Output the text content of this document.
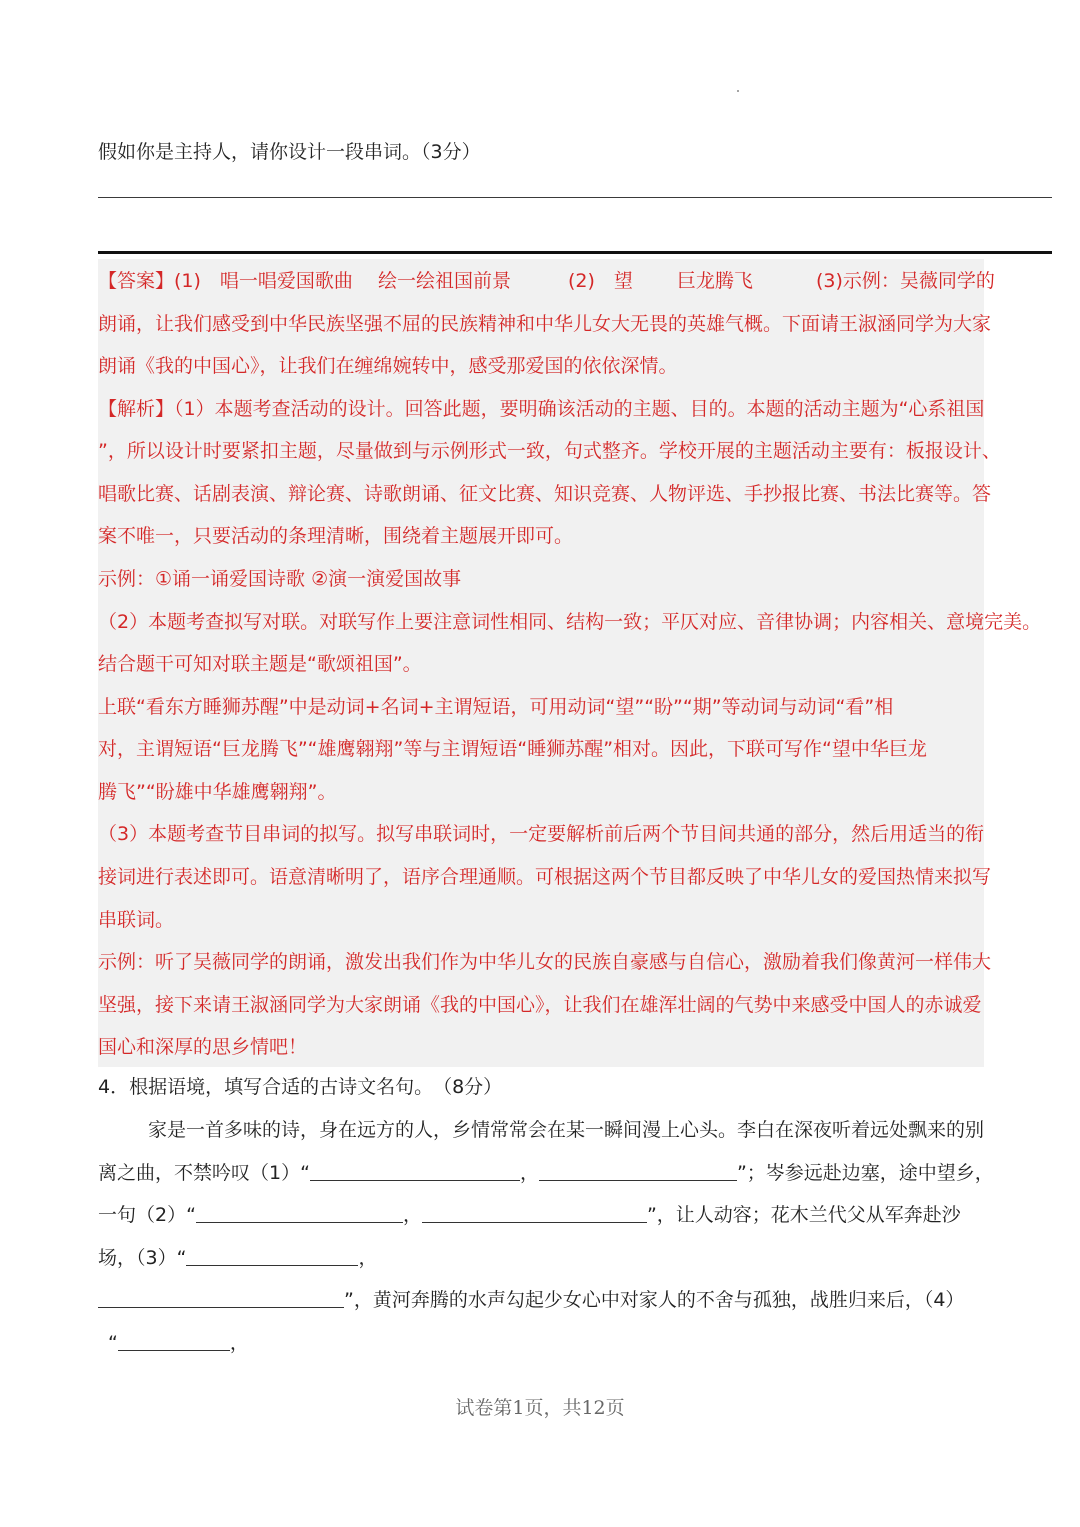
假如你是主持人，请你设计一段串词。（3分）
【答案】(1)　唱一唱爱国歌曲　 绘一绘祖国前景　　　(2)　望　　 巨龙腾飞　　　 (3)示例：吴薇同学的
朗诵，让我们感受到中华民族坚强不屈的民族精神和中华儿女大无畏的英雄气概。下面请王淑涵同学为大家
朗诵《我的中国心》，让我们在缠绵婉转中，感受那爱国的依依深情。
【解析】（1）本题考查活动的设计。回答此题，要明确该活动的主题、目的。本题的活动主题为“心系祖国
”，所以设计时要紧扣主题，尽量做到与示例形式一致，句式整齐。学校开展的主题活动主要有：板报设计、
唱歌比赛、话剧表演、辩论赛、诗歌朗诵、征文比赛、知识竞赛、人物评选、手抄报比赛、书法比赛等。答
案不唯一，只要活动的条理清晰，围绕着主题展开即可。
示例：①诵一诵爱国诗歌 ②演一演爱国故事
（2）本题考查拟写对联。对联写作上要注意词性相同、结构一致；平仄对应、音律协调；内容相关、意境完美。
结合题干可知对联主题是“歌颂祖国”。
上联“看东方睡狮苏醒”中是动词+名词+主谓短语，可用动词“望”“盼”“期”等动词与动词“看”相
对，主谓短语“巨龙腾飞”“雄鹰翱翔”等与主谓短语“睡狮苏醒”相对。因此，下联可写作“望中华巨龙
腾飞”“盼雄中华雄鹰翱翔”。
（3）本题考查节目串词的拟写。拟写串联词时，一定要解析前后两个节目间共通的部分，然后用适当的衔
接词进行表述即可。语意清晰明了，语序合理通顺。可根据这两个节目都反映了中华儿女的爱国热情来拟写
串联词。
示例：听了吴薇同学的朗诵，激发出我们作为中华儿女的民族自豪感与自信心，激励着我们像黄河一样伟大
坚强，接下来请王淑涵同学为大家朗诵《我的中国心》，让我们在雄浑壮阔的气势中来感受中国人的赤诚爱
国心和深厚的思乡情吧！
4．根据语境，填写合适的古诗文名句。　（8分）
家是一首多味的诗，身在远方的人，乡情常常会在某一瞬间漫上心头。李白在深夜听着远处飘来的别
离之曲，不禁吟叹（1）“	，	”；岑参远赴边塞，途中望乡，
一句（2）“	，	”，让人动容；花木兰代父从军奔赴沙
场，（3）“	，
”，黄河奔腾的水声勾起少女心中对家人的不舍与孤独，战胜归来后，（4）
“	，
试卷第1页，共12页
